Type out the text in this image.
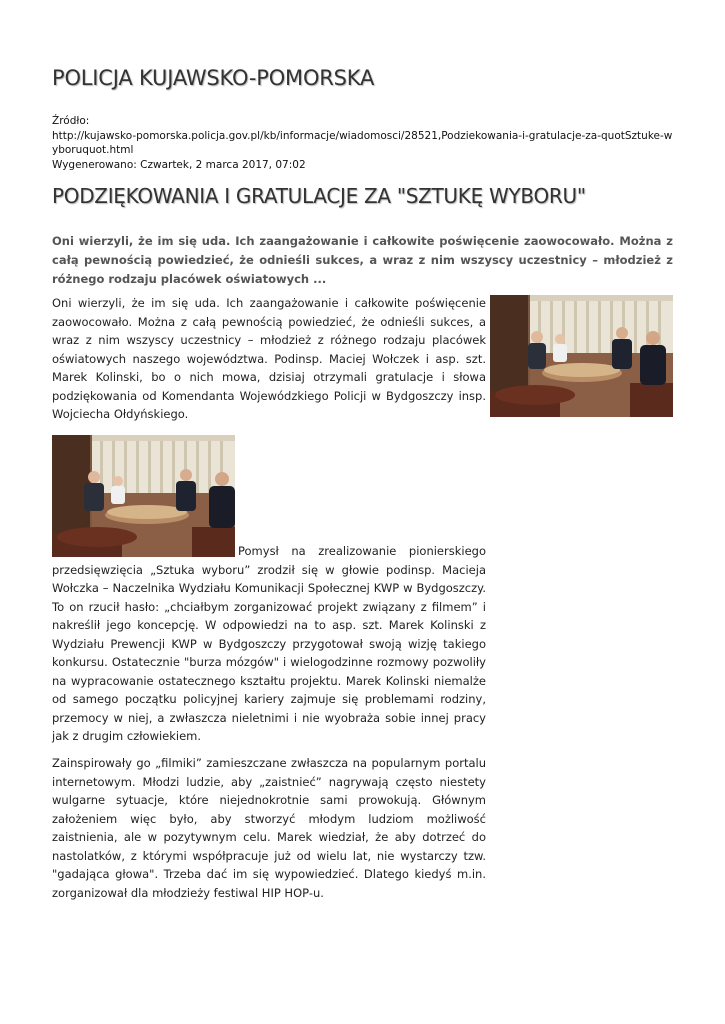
POLICJA KUJAWSKO-POMORSKA
Źródło:
http://kujawsko-pomorska.policja.gov.pl/kb/informacje/wiadomosci/28521,Podziekowania-i-gratulacje-za-quotSztuke-wyboruquot.html
Wygenerowano: Czwartek, 2 marca 2017, 07:02
PODZIĘKOWANIA I GRATULACJE ZA "SZTUKĘ WYBORU"

Oni wierzyli, że im się uda. Ich zaangażowanie i całkowite poświęcenie zaowocowało. Można z całą pewnością powiedzieć, że odnieśli sukces, a wraz z nim wszyscy uczestnicy – młodzież z różnego rodzaju placówek oświatowych ...

Oni wierzyli, że im się uda. Ich zaangażowanie i całkowite poświęcenie zaowocowało. Można z całą pewnością powiedzieć, że odnieśli sukces, a wraz z nim wszyscy uczestnicy – młodzież z różnego rodzaju placówek oświatowych naszego województwa. Podinsp. Maciej Wołczek i asp. szt. Marek Kolinski, bo o nich mowa, dzisiaj otrzymali gratulacje i słowa podziękowania od Komendanta Wojewódzkiego Policji w Bydgoszczy insp. Wojciecha Ołdyńskiego.

Pomysł na zrealizowanie pionierskiego przedsięwzięcia „Sztuka wyboru” zrodził się w głowie podinsp. Macieja Wołczka – Naczelnika Wydziału Komunikacji Społecznej KWP w Bydgoszczy. To on rzucił hasło: „chciałbym zorganizować projekt związany z filmem” i nakreślił jego koncepcję. W odpowiedzi na to asp. szt. Marek Kolinski z Wydziału Prewencji KWP w Bydgoszczy przygotował swoją wizję takiego konkursu. Ostatecznie "burza mózgów" i wielogodzinne rozmowy pozwoliły na wypracowanie ostatecznego kształtu projektu. Marek Kolinski niemalże od samego początku policyjnej kariery zajmuje się problemami rodziny, przemocy w niej, a zwłaszcza nieletnimi i nie wyobraża sobie innej pracy jak z drugim człowiekiem.

Zainspirowały go „filmiki” zamieszczane zwłaszcza na popularnym portalu internetowym. Młodzi ludzie, aby „zaistnieć” nagrywają często niestety wulgarne sytuacje, które niejednokrotnie sami prowokują. Głównym założeniem więc było, aby stworzyć młodym ludziom możliwość zaistnienia, ale w pozytywnym celu. Marek wiedział, że aby dotrzeć do nastolatków, z którymi współpracuje już od wielu lat, nie wystarczy tzw. "gadająca głowa". Trzeba dać im się wypowiedzieć. Dlatego kiedyś m.in. zorganizował dla młodzieży festiwal HIP HOP-u.
